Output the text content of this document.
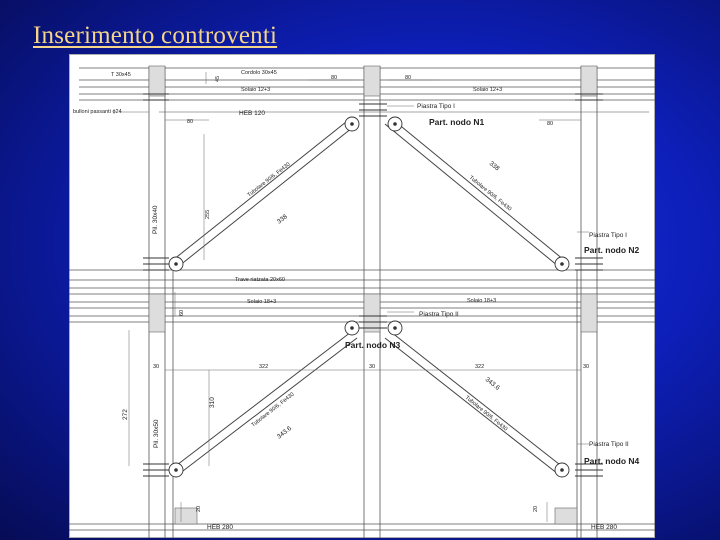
Inserimento controventi
T 30x45
45
Cordolo 30x45
80	80
Solaio 12+3	Solaio 12+3
bulloni passanti ϕ24
80
HEB 120
Piastra Tipo I
Part. nodo N1	80
Tubolare 90/6, Fe430
338
255
Pil. 30x40
338
Tubolare 90/6, Fe430
Piastra Tipo I
Part. nodo N2
Trave riatzata 20x60
Solaio 18+3	Solaio 18+3
60	Piastra Tipo II
Part. nodo N3
30	322	30	322	30
Tubolare 90/6, Fe430
343.6
343.6
Tubolare 90/6, Fe430
272
310
Pil. 30x50	Piastra Tipo II
Part. nodo N4
20	20
HEB 280	HEB 280
